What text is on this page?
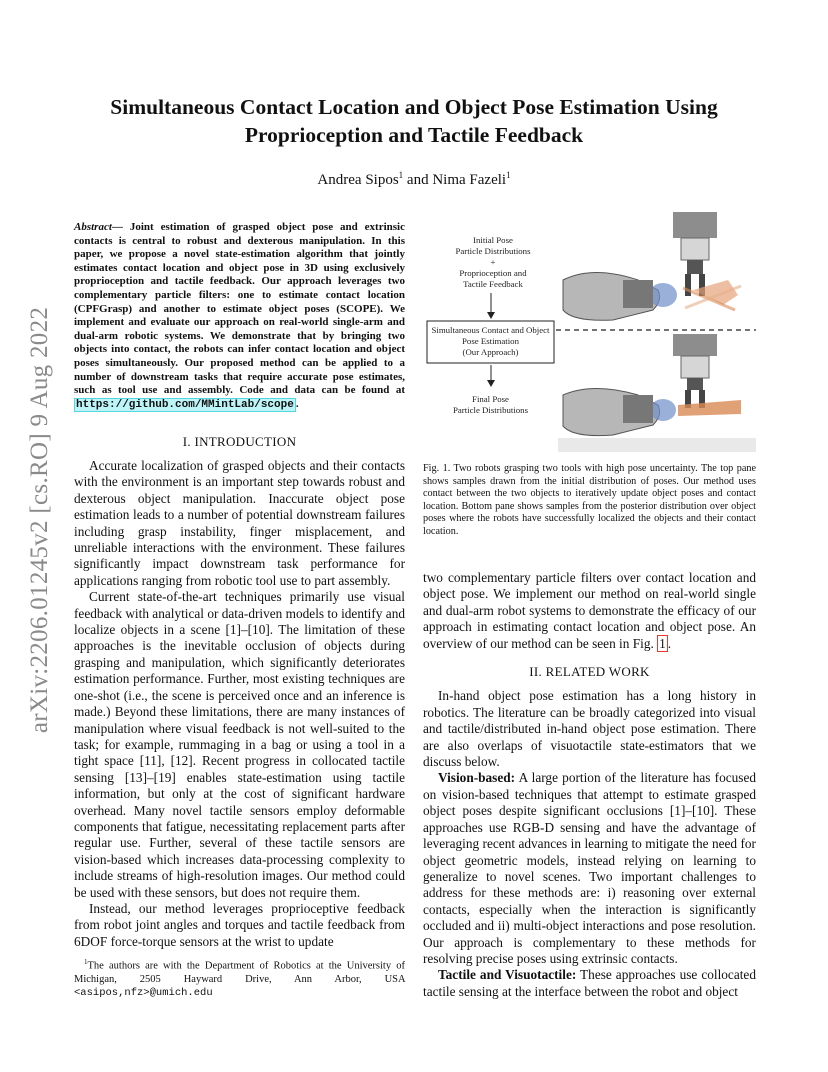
arXiv:2206.01245v2 [cs.RO] 9 Aug 2022
Simultaneous Contact Location and Object Pose Estimation Using
Proprioception and Tactile Feedback
Andrea Sipos$^1$ and Nima Fazeli$^1$
Abstract— Joint estimation of grasped object pose and extrinsic contacts is central to robust and dexterous manipulation. In this paper, we propose a novel state-estimation algorithm that jointly estimates contact location and object pose in 3D using exclusively proprioception and tactile feedback. Our approach leverages two complementary particle filters: one to estimate contact location (CPFGrasp) and another to estimate object poses (SCOPE). We implement and evaluate our approach on real-world single-arm and dual-arm robotic systems. We demonstrate that by bringing two objects into contact, the robots can infer contact location and object poses simultaneously. Our proposed method can be applied to a number of downstream tasks that require accurate pose estimates, such as tool use and assembly. Code and data can be found at https://github.com/MMintLab/scope .
I. INTRODUCTION

Accurate localization of grasped objects and their contacts with the environment is an important step towards robust and dexterous object manipulation. Inaccurate object pose estimation leads to a number of potential downstream failures including grasp instability, finger misplacement, and unreliable interactions with the environment. These failures significantly impact downstream task performance for applications ranging from robotic tool use to part assembly.

Current state-of-the-art techniques primarily use visual feedback with analytical or data-driven models to identify and localize objects in a scene [1]–[10]. The limitation of these approaches is the inevitable occlusion of objects during grasping and manipulation, which significantly deteriorates estimation performance. Further, most existing techniques are one-shot (i.e., the scene is perceived once and an inference is made.) Beyond these limitations, there are many instances of manipulation where visual feedback is not well-suited to the task; for example, rummaging in a bag or using a tool in a tight space [11], [12]. Recent progress in collocated tactile sensing [13]–[19] enables state-estimation using tactile information, but only at the cost of significant hardware overhead. Many novel tactile sensors employ deformable components that fatigue, necessitating replacement parts after regular use. Further, several of these tactile sensors are vision-based which increases data-processing complexity to include streams of high-resolution images. Our method could be used with these sensors, but does not require them.

Instead, our method leverages proprioceptive feedback from robot joint angles and torques and tactile feedback from 6DOF force-torque sensors at the wrist to update

$^1$The authors are with the Department of Robotics at the University of Michigan, 2505 Hayward Drive, Ann Arbor, USA <asipos,nfz>@umich.edu
Initial Pose
Particle Distributions
+
Proprioception and
Tactile Feedback
Simultaneous Contact and Object
Pose Estimation
(Our Approach)
Final Pose
Particle Distributions
Fig. 1. Two robots grasping two tools with high pose uncertainty. The top pane shows samples drawn from the initial distribution of poses. Our method uses contact between the two objects to iteratively update object poses and contact location. Bottom pane shows samples from the posterior distribution over object poses where the robots have successfully localized the objects and their contact location.

two complementary particle filters over contact location and object pose. We implement our method on real-world single and dual-arm robot systems to demonstrate the efficacy of our approach in estimating contact location and object pose. An overview of our method can be seen in Fig. 1 .

II. RELATED WORK

In-hand object pose estimation has a long history in robotics. The literature can be broadly categorized into visual and tactile/distributed in-hand object pose estimation. There are also overlaps of visuotactile state-estimators that we discuss below.

Vision-based: A large portion of the literature has focused on vision-based techniques that attempt to estimate grasped object poses despite significant occlusions [1]–[10]. These approaches use RGB-D sensing and have the advantage of leveraging recent advances in learning to mitigate the need for object geometric models, instead relying on learning to generalize to novel scenes. Two important challenges to address for these methods are: i) reasoning over external contacts, especially when the interaction is significantly occluded and ii) multi-object interactions and pose resolution. Our approach is complementary to these methods for resolving precise poses using extrinsic contacts.

Tactile and Visuotactile: These approaches use collocated tactile sensing at the interface between the robot and object
